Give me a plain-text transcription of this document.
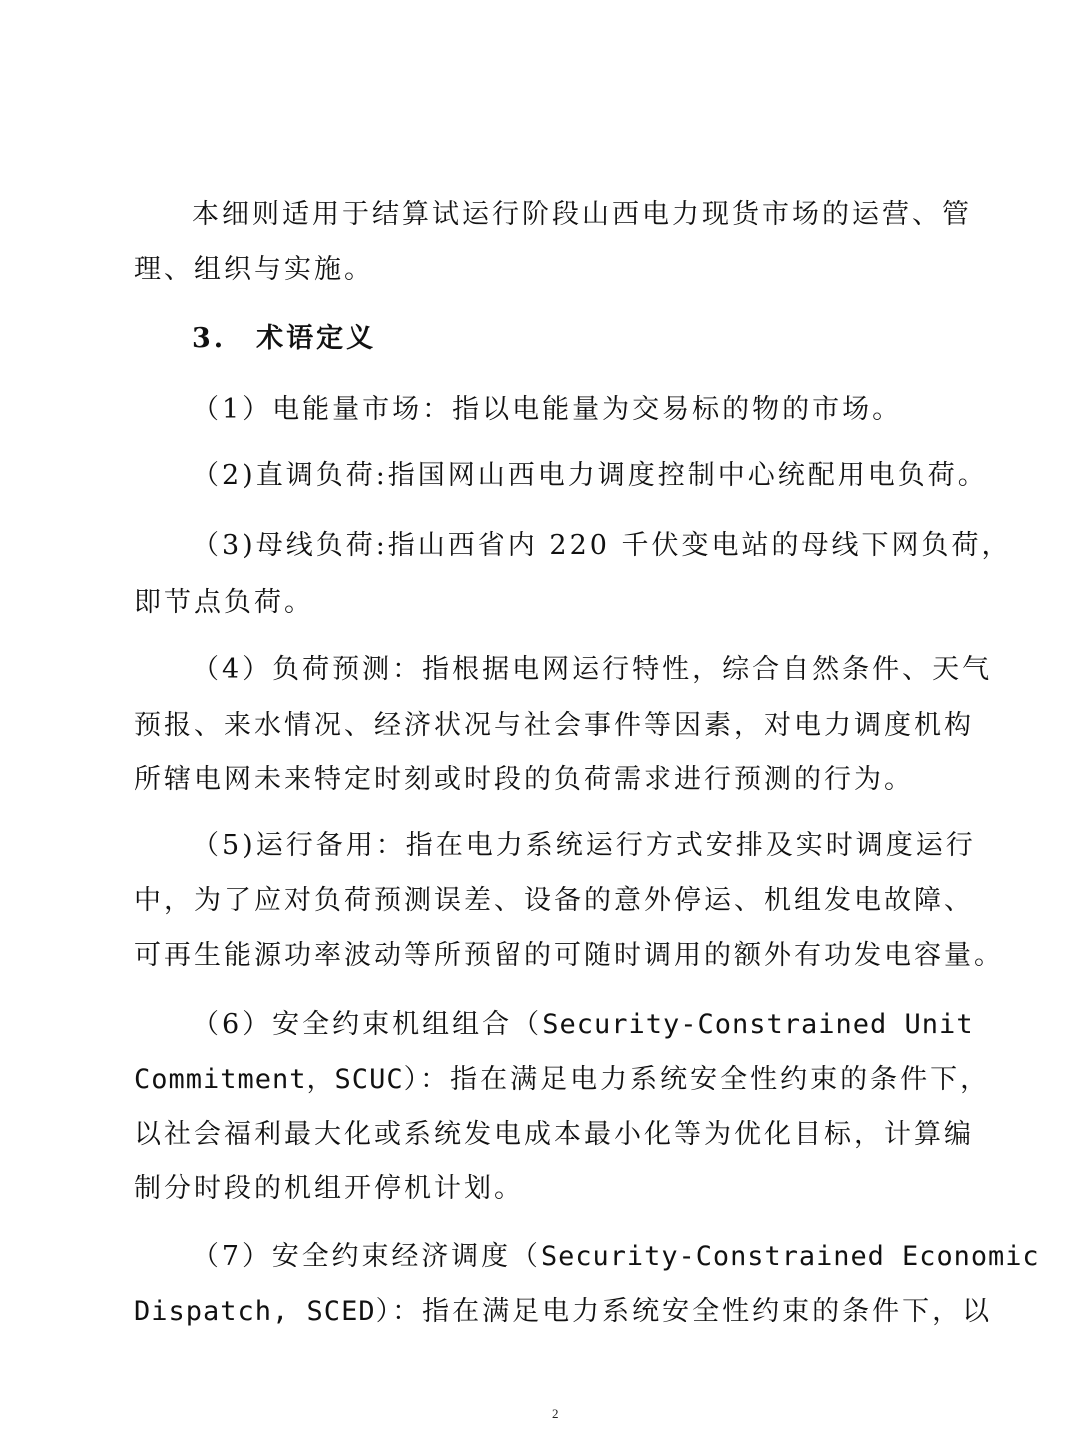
本细则适用于结算试运行阶段山西电力现货市场的运营、管
理、组织与实施。
3.　术语定义
（1）电能量市场：指以电能量为交易标的物的市场。
（2)直调负荷:指国网山西电力调度控制中心统配用电负荷。
（3)母线负荷:指山西省内 220 千伏变电站的母线下网负荷，
即节点负荷。
（4）负荷预测：指根据电网运行特性，综合自然条件、天气
预报、来水情况、经济状况与社会事件等因素，对电力调度机构
所辖电网未来特定时刻或时段的负荷需求进行预测的行为。
（5)运行备用：指在电力系统运行方式安排及实时调度运行
中，为了应对负荷预测误差、设备的意外停运、机组发电故障、
可再生能源功率波动等所预留的可随时调用的额外有功发电容量。
（6）安全约束机组组合（Security-Constrained Unit
Commitment，SCUC）：指在满足电力系统安全性约束的条件下，
以社会福利最大化或系统发电成本最小化等为优化目标，计算编
制分时段的机组开停机计划。
（7）安全约束经济调度（Security-Constrained Economic
Dispatch, SCED）：指在满足电力系统安全性约束的条件下，以
2
